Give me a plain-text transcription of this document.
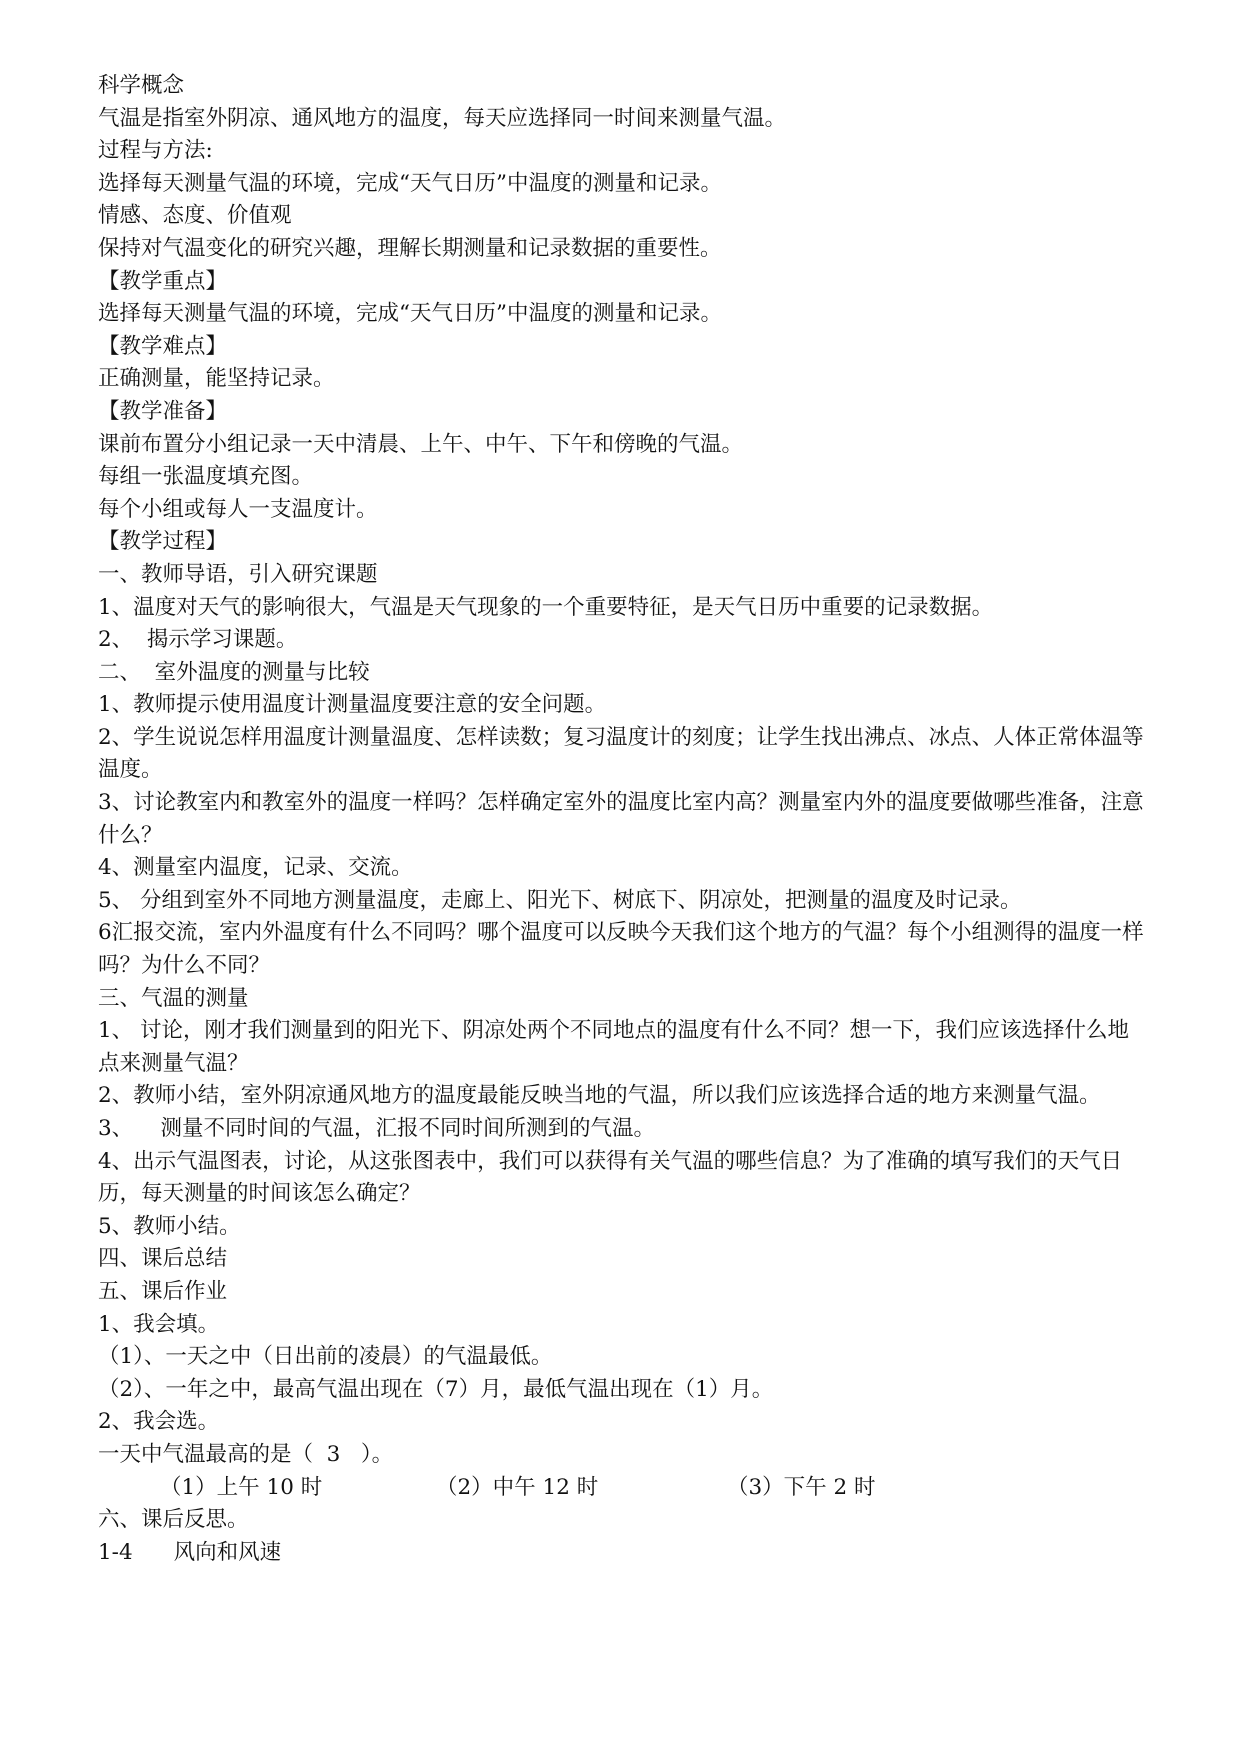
科学概念

气温是指室外阴凉、通风地方的温度，每天应选择同一时间来测量气温。

过程与方法:

选择每天测量气温的环境，完成“天气日历”中温度的测量和记录。

情感、态度、价值观

保持对气温变化的研究兴趣，理解长期测量和记录数据的重要性。

【教学重点】

选择每天测量气温的环境，完成“天气日历”中温度的测量和记录。

【教学难点】

正确测量，能坚持记录。

【教学准备】

课前布置分小组记录一天中清晨、上午、中午、下午和傍晚的气温。

每组一张温度填充图。

每个小组或每人一支温度计。

【教学过程】

一、教师导语，引入研究课题

1、温度对天气的影响很大，气温是天气现象的一个重要特征，是天气日历中重要的记录数据。

2、  揭示学习课题。

二、  室外温度的测量与比较

1、教师提示使用温度计测量温度要注意的安全问题。

2、学生说说怎样用温度计测量温度、怎样读数；复习温度计的刻度；让学生找出沸点、冰点、人体正常体温等温度。

3、讨论教室内和教室外的温度一样吗？怎样确定室外的温度比室内高？测量室内外的温度要做哪些准备，注意什么？

4、测量室内温度，记录、交流。

5、 分组到室外不同地方测量温度，走廊上、阳光下、树底下、阴凉处，把测量的温度及时记录。

6汇报交流，室内外温度有什么不同吗？哪个温度可以反映今天我们这个地方的气温？每个小组测得的温度一样吗？为什么不同？

三、气温的测量

1、 讨论，刚才我们测量到的阳光下、阴凉处两个不同地点的温度有什么不同？想一下，我们应该选择什么地点来测量气温？

2、教师小结，室外阴凉通风地方的温度最能反映当地的气温，所以我们应该选择合适的地方来测量气温。

3、    测量不同时间的气温，汇报不同时间所测到的气温。

4、出示气温图表，讨论，从这张图表中，我们可以获得有关气温的哪些信息？为了准确的填写我们的天气日历，每天测量的时间该怎么确定？

5、教师小结。

四、课后总结

五、课后作业

1、我会填。

（1）、一天之中（日出前的凌晨）的气温最低。

（2）、一年之中，最高气温出现在（7）月，最低气温出现在（1）月。

2、我会选。

一天中气温最高的是（  3   ）。

（1）上午 10 时	（2）中午 12 时	（3）下午 2 时

六、课后反思。

1-4 风向和风速
